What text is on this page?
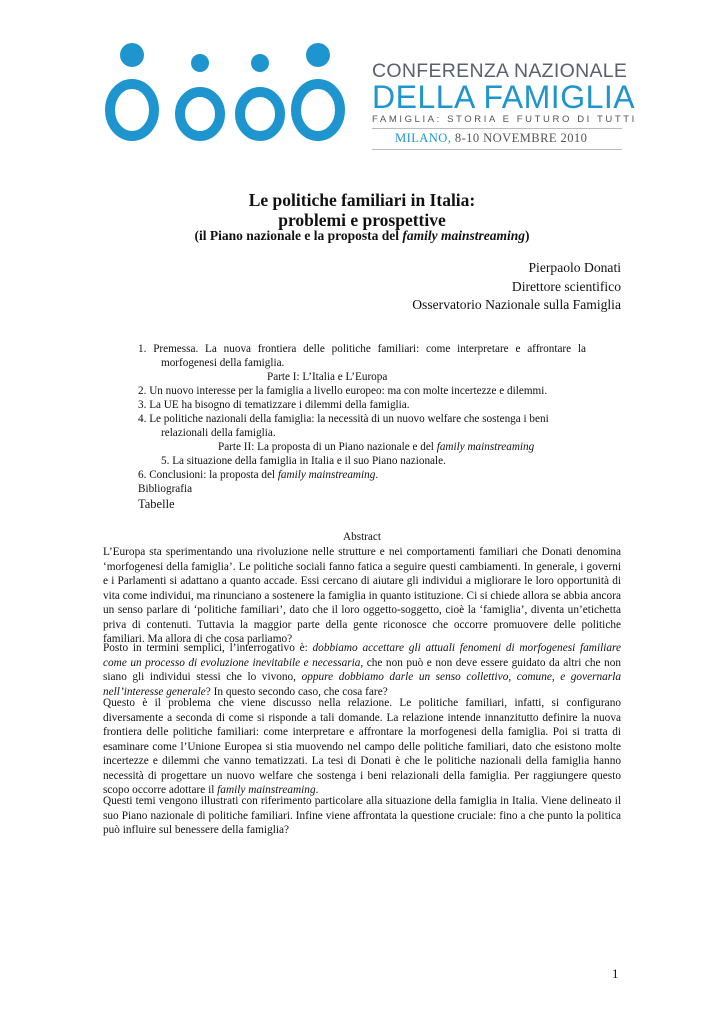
CONFERENZA NAZIONALE
DELLA FAMIGLIA
FAMIGLIA: STORIA E FUTURO DI TUTTI
MILANO, 8-10 NOVEMBRE 2010
Le politiche familiari in Italia:
problemi e prospettive
(il Piano nazionale e la proposta del family mainstreaming)
Pierpaolo Donati
Direttore scientifico
Osservatorio Nazionale sulla Famiglia
1. Premessa. La nuova frontiera delle politiche familiari: come interpretare e affrontare la
morfogenesi della famiglia.
Parte I: L’Italia e L’Europa
2. Un nuovo interesse per la famiglia a livello europeo: ma con molte incertezze e dilemmi.
3. La UE ha bisogno di tematizzare i dilemmi della famiglia.
4. Le politiche nazionali della famiglia: la necessità di un nuovo welfare che sostenga i beni
relazionali della famiglia.
Parte II: La proposta di un Piano nazionale e del family mainstreaming
5. La situazione della famiglia in Italia e il suo Piano nazionale.
6. Conclusioni: la proposta del family mainstreaming.
Bibliografia
Tabelle
Abstract
L’Europa sta sperimentando una rivoluzione nelle strutture e nei comportamenti familiari che Donati denomina ‘morfogenesi della famiglia’. Le politiche sociali fanno fatica a seguire questi cambiamenti. In generale, i governi e i Parlamenti si adattano a quanto accade. Essi cercano di aiutare gli individui a migliorare le loro opportunità di vita come individui, ma rinunciano a sostenere la famiglia in quanto istituzione. Ci si chiede allora se abbia ancora un senso parlare di ‘politiche familiari’, dato che il loro oggetto-soggetto, cioè la ‘famiglia’, diventa un’etichetta priva di contenuti. Tuttavia la maggior parte della gente riconosce che occorre promuovere delle politiche familiari. Ma allora di che cosa parliamo?
Posto in termini semplici, l’interrogativo è: dobbiamo accettare gli attuali fenomeni di morfogenesi familiare come un processo di evoluzione inevitabile e necessaria, che non può e non deve essere guidato da altri che non siano gli individui stessi che lo vivono, oppure dobbiamo darle un senso collettivo, comune, e governarla nell’interesse generale? In questo secondo caso, che cosa fare?
Questo è il problema che viene discusso nella relazione. Le politiche familiari, infatti, si configurano diversamente a seconda di come si risponde a tali domande. La relazione intende innanzitutto definire la nuova frontiera delle politiche familiari: come interpretare e affrontare la morfogenesi della famiglia. Poi si tratta di esaminare come l’Unione Europea si stia muovendo nel campo delle politiche familiari, dato che esistono molte incertezze e dilemmi che vanno tematizzati. La tesi di Donati è che le politiche nazionali della famiglia hanno necessità di progettare un nuovo welfare che sostenga i beni relazionali della famiglia. Per raggiungere questo scopo occorre adottare il family mainstreaming.
Questi temi vengono illustrati con riferimento particolare alla situazione della famiglia in Italia. Viene delineato il suo Piano nazionale di politiche familiari. Infine viene affrontata la questione cruciale: fino a che punto la politica può influire sul benessere della famiglia?
1
